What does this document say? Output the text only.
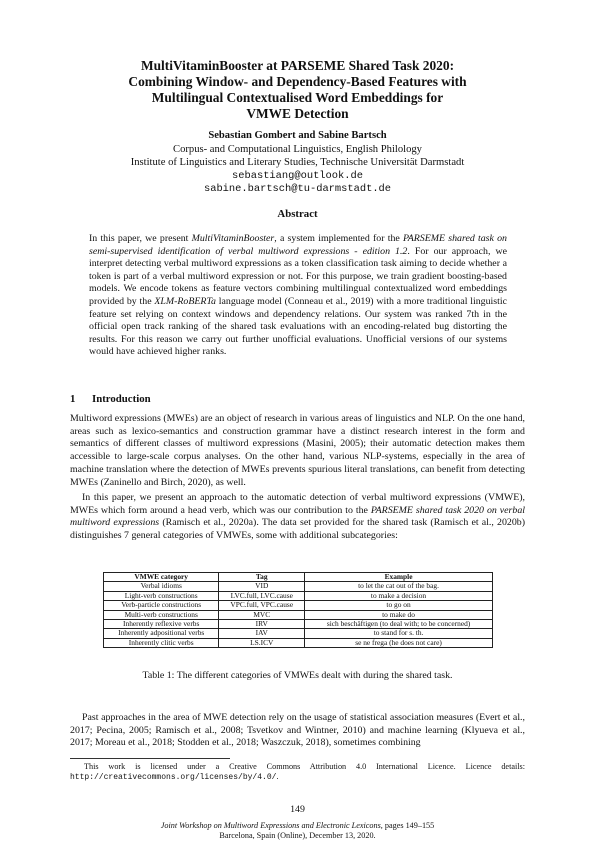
MultiVitaminBooster at PARSEME Shared Task 2020:
Combining Window- and Dependency-Based Features with
Multilingual Contextualised Word Embeddings for
VMWE Detection
Sebastian Gombert and Sabine Bartsch
Corpus- and Computational Linguistics, English Philology
Institute of Linguistics and Literary Studies, Technische Universität Darmstadt
sebastiang@outlook.de
sabine.bartsch@tu-darmstadt.de
Abstract
In this paper, we present MultiVitaminBooster, a system implemented for the PARSEME shared task on semi-supervised identification of verbal multiword expressions - edition 1.2. For our approach, we interpret detecting verbal multiword expressions as a token classification task aiming to decide whether a token is part of a verbal multiword expression or not. For this purpose, we train gradient boosting-based models. We encode tokens as feature vectors combining multilingual contextualized word embeddings provided by the XLM-RoBERTa language model (Conneau et al., 2019) with a more traditional linguistic feature set relying on context windows and dependency relations. Our system was ranked 7th in the official open track ranking of the shared task evaluations with an encoding-related bug distorting the results. For this reason we carry out further unofficial evaluations. Unofficial versions of our systems would have achieved higher ranks.
1 Introduction
Multiword expressions (MWEs) are an object of research in various areas of linguistics and NLP. On the one hand, areas such as lexico-semantics and construction grammar have a distinct research interest in the form and semantics of different classes of multiword expressions (Masini, 2005); their automatic detection makes them accessible to large-scale corpus analyses. On the other hand, various NLP-systems, especially in the area of machine translation where the detection of MWEs prevents spurious literal translations, can benefit from detecting MWEs (Zaninello and Birch, 2020), as well.
In this paper, we present an approach to the automatic detection of verbal multiword expressions (VMWE), MWEs which form around a head verb, which was our contribution to the PARSEME shared task 2020 on verbal multiword expressions (Ramisch et al., 2020a). The data set provided for the shared task (Ramisch et al., 2020b) distinguishes 7 general categories of VMWEs, some with additional subcategories:
VMWE category	Tag	Example
Verbal idioms	VID	to let the cat out of the bag.
Light-verb constructions	LVC.full, LVC.cause	to make a decision
Verb-particle constructions	VPC.full, VPC.cause	to go on
Multi-verb constructions	MVC	to make do
Inherently reflexive verbs	IRV	sich beschäftigen (to deal with; to be concerned)
Inherently adpositional verbs	IAV	to stand for s. th.
Inherently clitic verbs	LS.ICV	se ne frega (he does not care)
Table 1: The different categories of VMWEs dealt with during the shared task.
Past approaches in the area of MWE detection rely on the usage of statistical association measures (Evert et al., 2017; Pecina, 2005; Ramisch et al., 2008; Tsvetkov and Wintner, 2010) and machine learning (Klyueva et al., 2017; Moreau et al., 2018; Stodden et al., 2018; Waszczuk, 2018), sometimes combining
This work is licensed under a Creative Commons Attribution 4.0 International Licence. Licence details: http://creativecommons.org/licenses/by/4.0/.
149
Joint Workshop on Multiword Expressions and Electronic Lexicons, pages 149–155
Barcelona, Spain (Online), December 13, 2020.
